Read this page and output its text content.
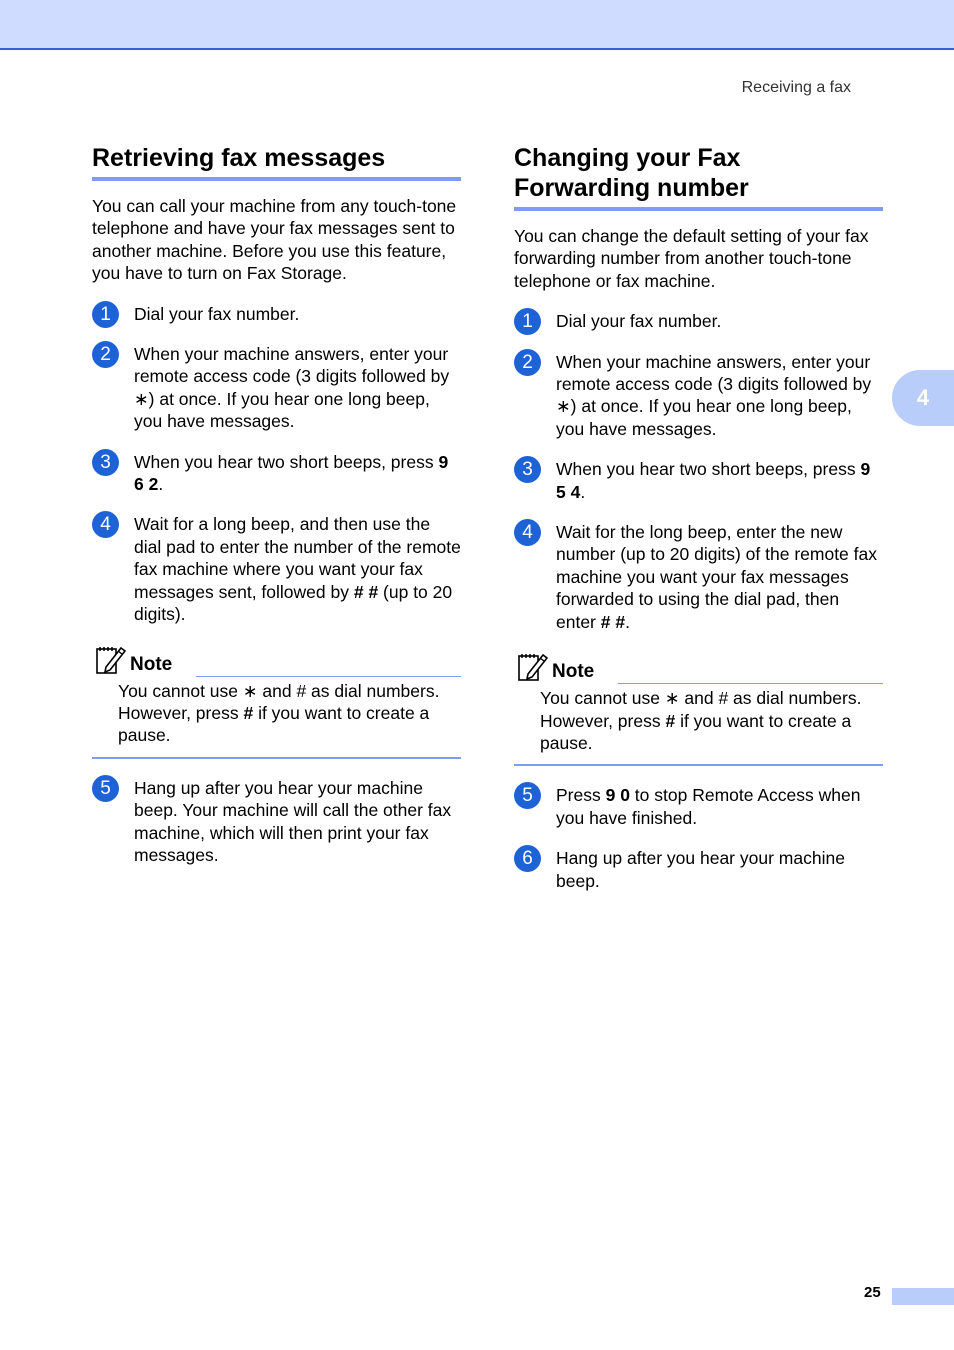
Receiving a fax
4
Retrieving fax messages

You can call your machine from any touch-tone telephone and have your fax messages sent to another machine. Before you use this feature, you have to turn on Fax Storage.

1	Dial your fax number.
2	When your machine answers, enter your remote access code (3 digits followed by ∗) at once. If you hear one long beep, you have messages.
3	When you hear two short beeps, press 9 6 2.
4	Wait for a long beep, and then use the dial pad to enter the number of the remote fax machine where you want your fax messages sent, followed by # # (up to 20 digits).
Note
You cannot use ∗ and # as dial numbers. However, press # if you want to create a pause.
5	Hang up after you hear your machine beep. Your machine will call the other fax machine, which will then print your fax messages.
Changing your Fax
Forwarding number

You can change the default setting of your fax forwarding number from another touch-tone telephone or fax machine.

1	Dial your fax number.
2	When your machine answers, enter your remote access code (3 digits followed by ∗) at once. If you hear one long beep, you have messages.
3	When you hear two short beeps, press 9 5 4.
4	Wait for the long beep, enter the new number (up to 20 digits) of the remote fax machine you want your fax messages forwarded to using the dial pad, then enter # #.
Note
You cannot use ∗ and # as dial numbers. However, press # if you want to create a pause.
5	Press 9 0 to stop Remote Access when you have finished.
6	Hang up after you hear your machine beep.
25
